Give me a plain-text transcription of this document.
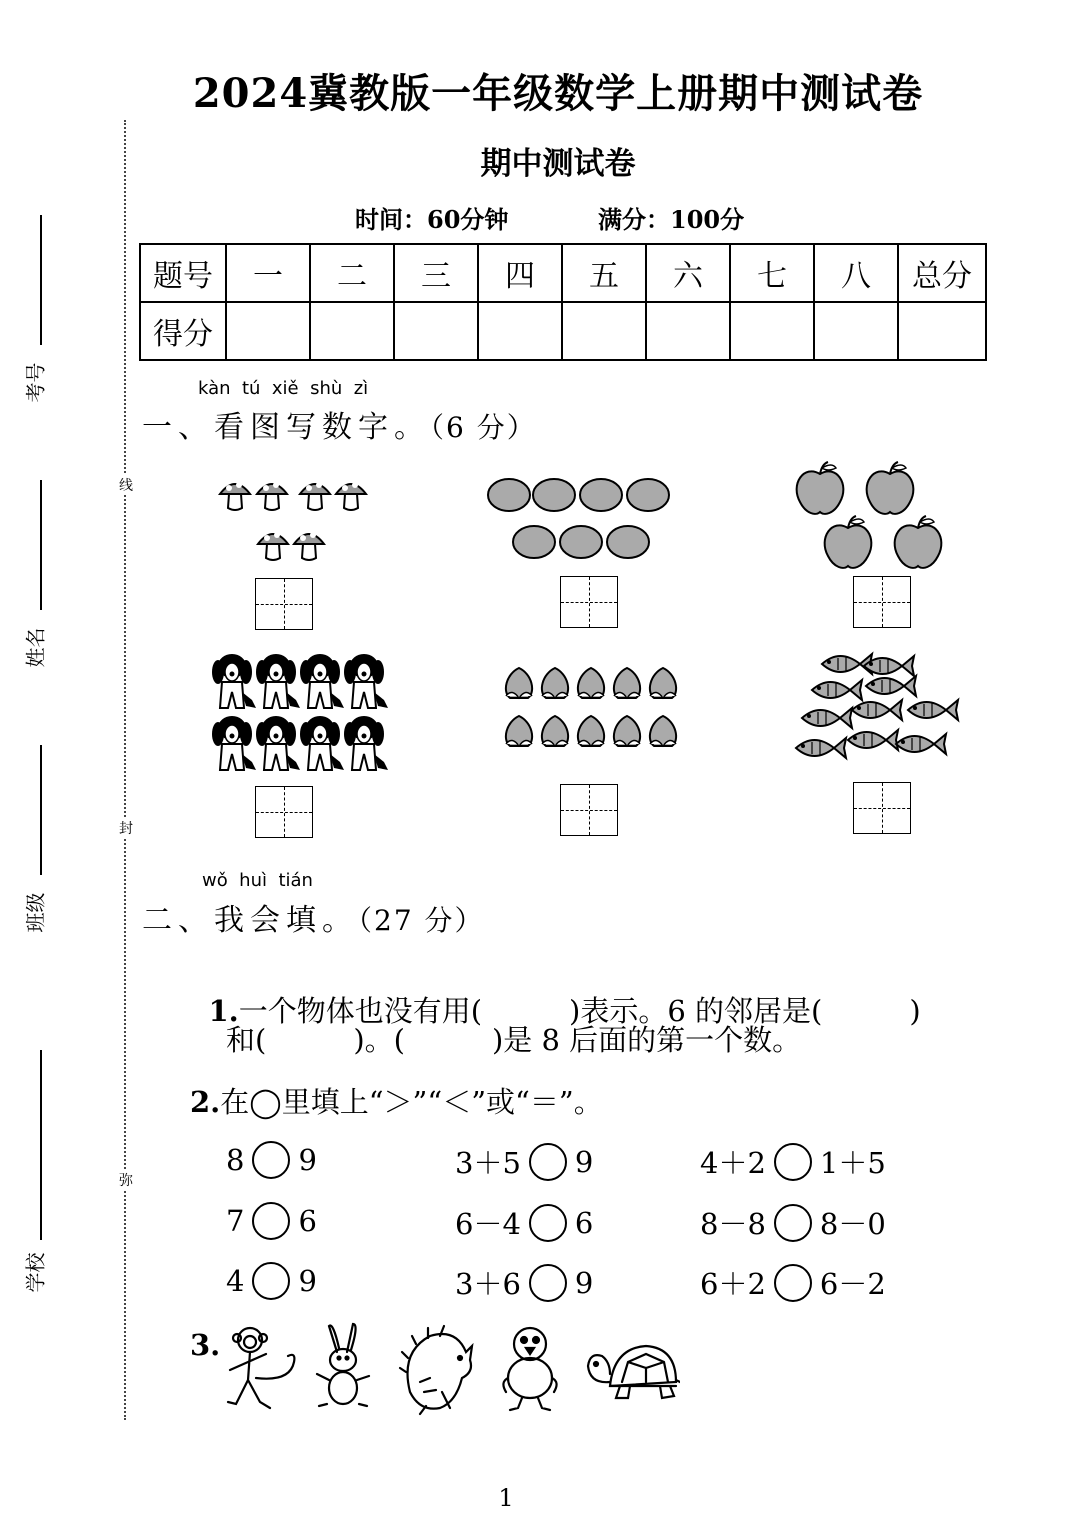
2024冀教版一年级数学上册期中测试卷
期中测试卷
时间：60分钟	满分：100分
题号	一	二	三	四	五	六	七	八	总分
得分									
线
封
弥
考号
姓名
班级
学校
kàn  tú  xiě  shù  zì
一、看图写数字。（6 分）
wǒ  huì  tián
二、我会填。（27 分）

1.一个物体也没有用(　　　)表示。6 的邻居是(　　　)

和(　　　)。(　　　)是 8 后面的第一个数。
2.在◯里填上“＞”“＜”或“＝”。
8 9	3＋5 9	4＋2 1＋5
7 6	6－4 6	8－8 8－0
4 9	3＋6 9	6＋2 6－2
3.
1
